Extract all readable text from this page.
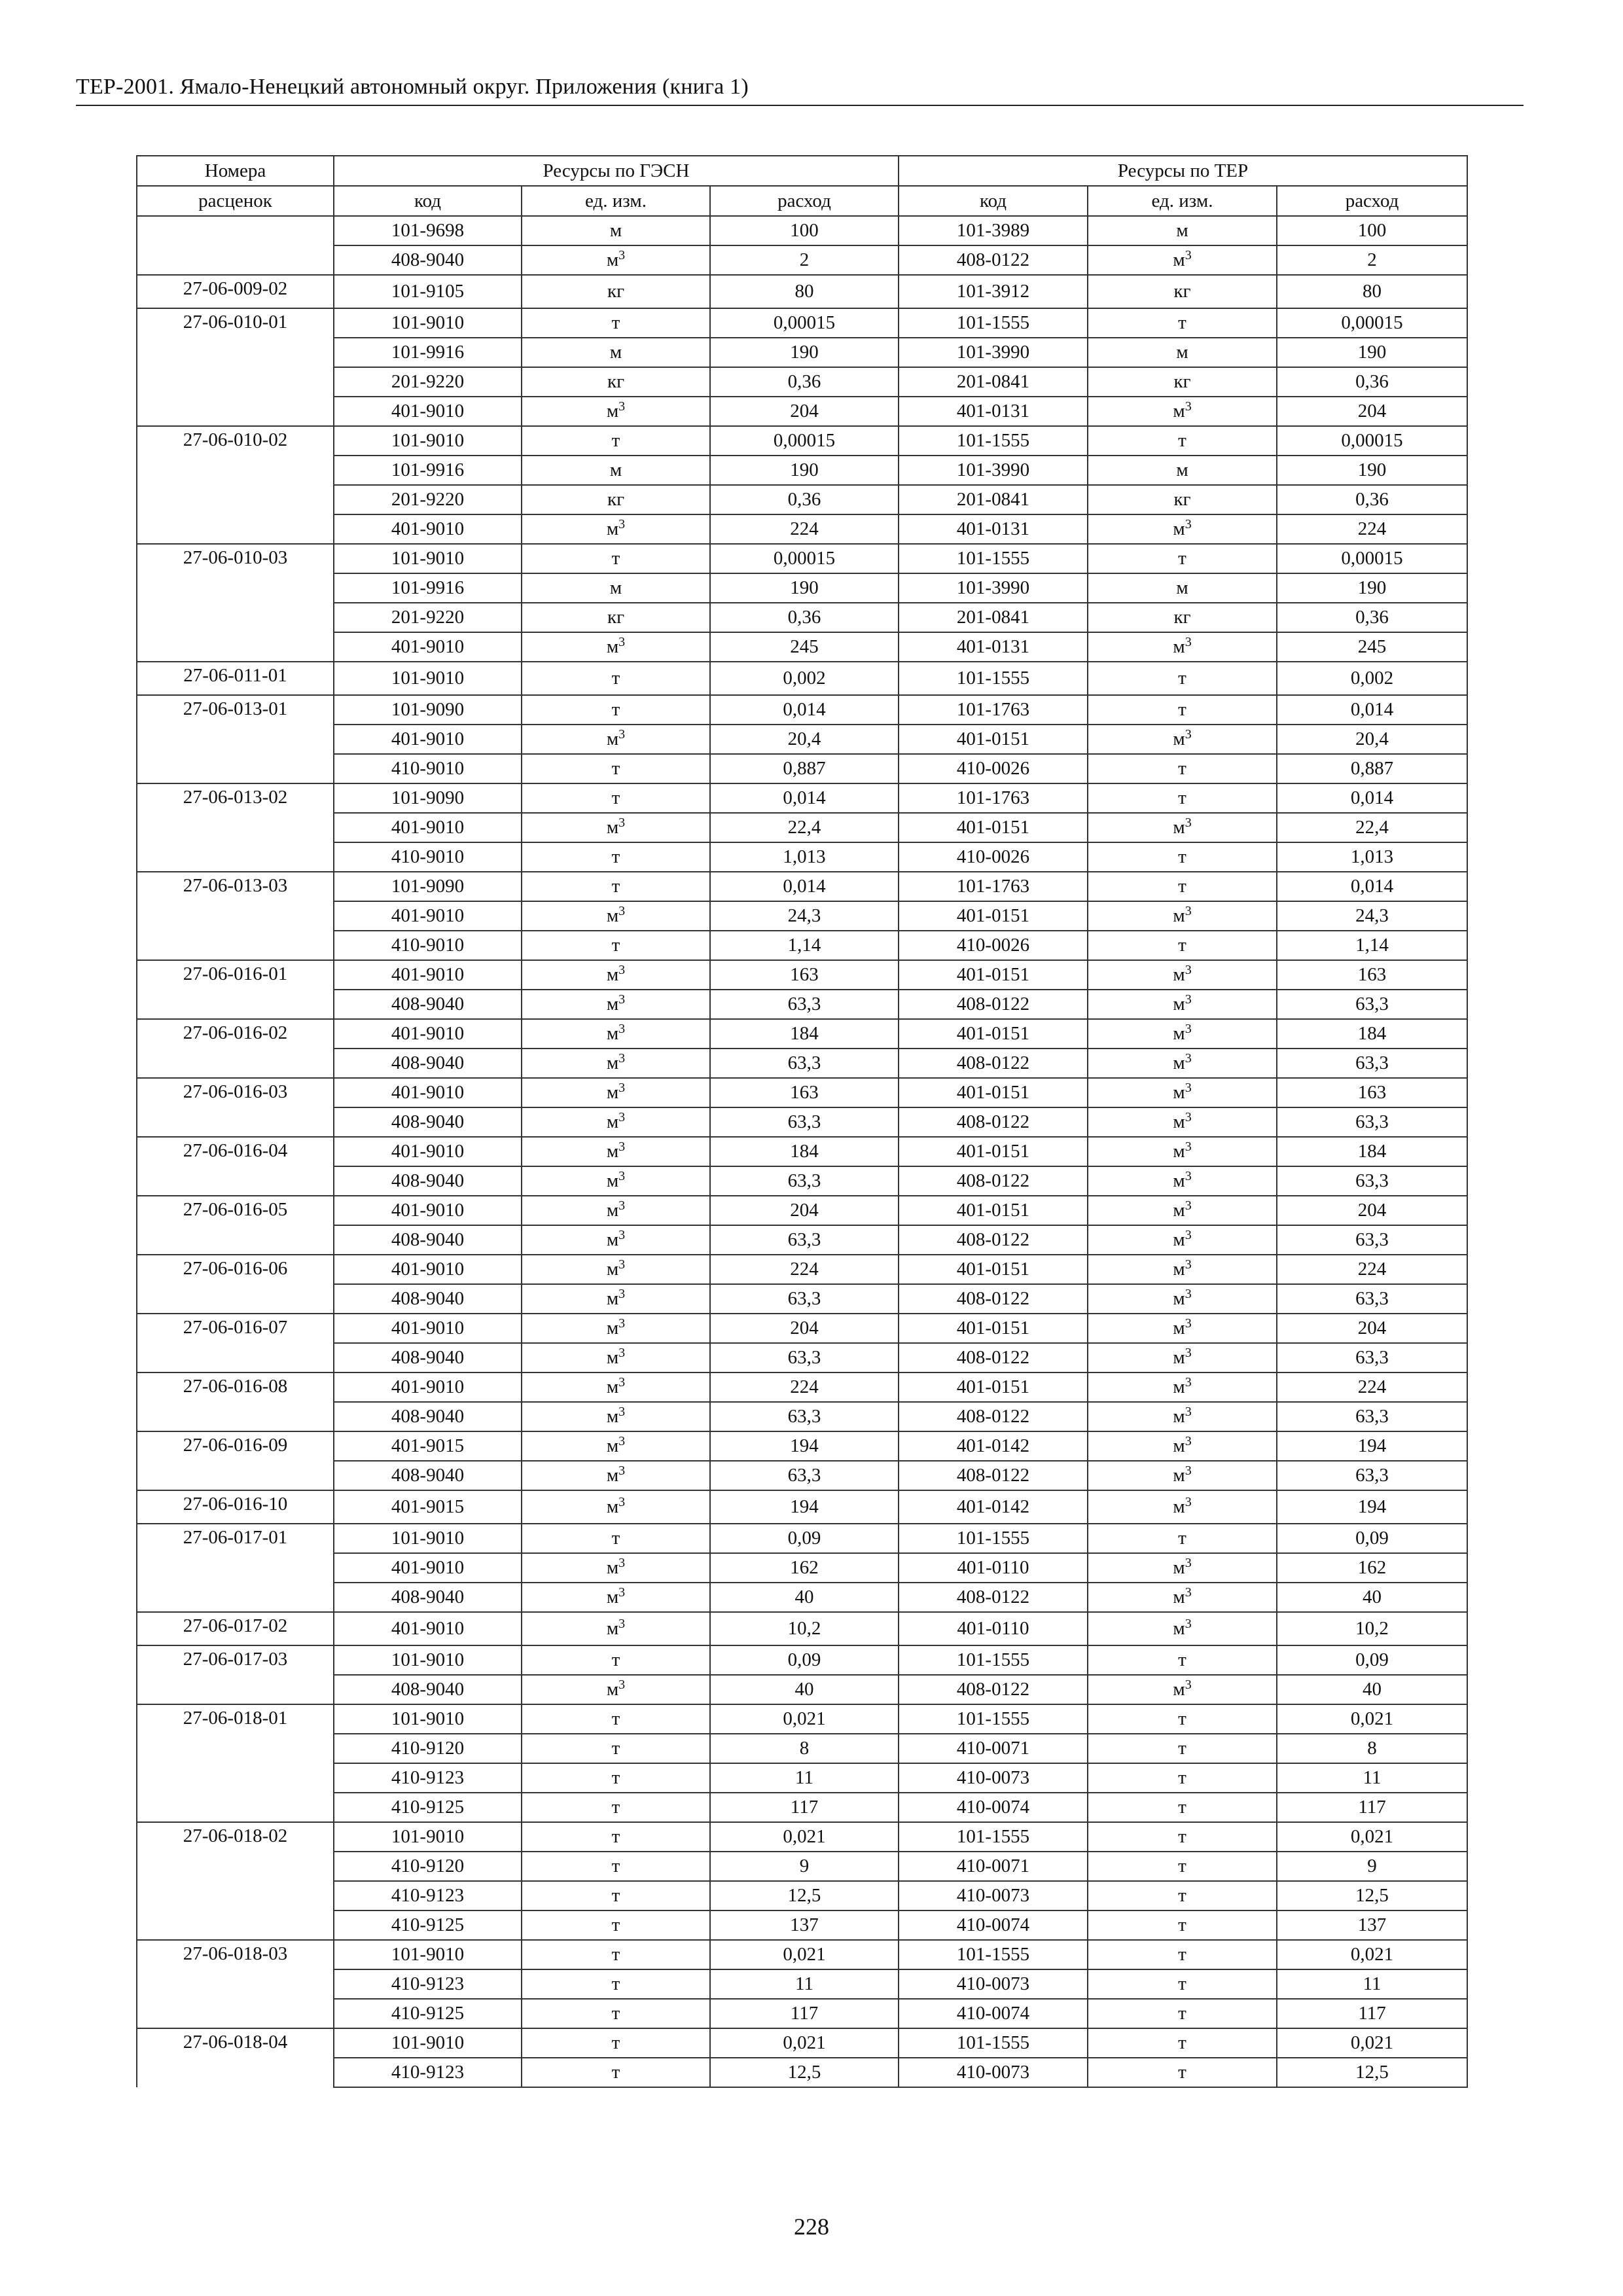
ТЕР-2001. Ямало-Ненецкий автономный округ. Приложения (книга 1)
Номера	Ресурсы по ГЭСН			Ресурсы по ТЕР		
расценок	код	ед. изм.	расход	код	ед. изм.	расход
	101-9698	м	100	101-3989	м	100
	408-9040	$м^3$	2	408-0122	$м^3$	2
27-06-009-02	101-9105	кг	80	101-3912	кг	80
27-06-010-01	101-9010	т	0,00015	101-1555	т	0,00015
	101-9916	м	190	101-3990	м	190
	201-9220	кг	0,36	201-0841	кг	0,36
	401-9010	$м^3$	204	401-0131	$м^3$	204
27-06-010-02	101-9010	т	0,00015	101-1555	т	0,00015
	101-9916	м	190	101-3990	м	190
	201-9220	кг	0,36	201-0841	кг	0,36
	401-9010	$м^3$	224	401-0131	$м^3$	224
27-06-010-03	101-9010	т	0,00015	101-1555	т	0,00015
	101-9916	м	190	101-3990	м	190
	201-9220	кг	0,36	201-0841	кг	0,36
	401-9010	$м^3$	245	401-0131	$м^3$	245
27-06-011-01	101-9010	т	0,002	101-1555	т	0,002
27-06-013-01	101-9090	т	0,014	101-1763	т	0,014
	401-9010	$м^3$	20,4	401-0151	$м^3$	20,4
	410-9010	т	0,887	410-0026	т	0,887
27-06-013-02	101-9090	т	0,014	101-1763	т	0,014
	401-9010	$м^3$	22,4	401-0151	$м^3$	22,4
	410-9010	т	1,013	410-0026	т	1,013
27-06-013-03	101-9090	т	0,014	101-1763	т	0,014
	401-9010	$м^3$	24,3	401-0151	$м^3$	24,3
	410-9010	т	1,14	410-0026	т	1,14
27-06-016-01	401-9010	$м^3$	163	401-0151	$м^3$	163
	408-9040	$м^3$	63,3	408-0122	$м^3$	63,3
27-06-016-02	401-9010	$м^3$	184	401-0151	$м^3$	184
	408-9040	$м^3$	63,3	408-0122	$м^3$	63,3
27-06-016-03	401-9010	$м^3$	163	401-0151	$м^3$	163
	408-9040	$м^3$	63,3	408-0122	$м^3$	63,3
27-06-016-04	401-9010	$м^3$	184	401-0151	$м^3$	184
	408-9040	$м^3$	63,3	408-0122	$м^3$	63,3
27-06-016-05	401-9010	$м^3$	204	401-0151	$м^3$	204
	408-9040	$м^3$	63,3	408-0122	$м^3$	63,3
27-06-016-06	401-9010	$м^3$	224	401-0151	$м^3$	224
	408-9040	$м^3$	63,3	408-0122	$м^3$	63,3
27-06-016-07	401-9010	$м^3$	204	401-0151	$м^3$	204
	408-9040	$м^3$	63,3	408-0122	$м^3$	63,3
27-06-016-08	401-9010	$м^3$	224	401-0151	$м^3$	224
	408-9040	$м^3$	63,3	408-0122	$м^3$	63,3
27-06-016-09	401-9015	$м^3$	194	401-0142	$м^3$	194
	408-9040	$м^3$	63,3	408-0122	$м^3$	63,3
27-06-016-10	401-9015	$м^3$	194	401-0142	$м^3$	194
27-06-017-01	101-9010	т	0,09	101-1555	т	0,09
	401-9010	$м^3$	162	401-0110	$м^3$	162
	408-9040	$м^3$	40	408-0122	$м^3$	40
27-06-017-02	401-9010	$м^3$	10,2	401-0110	$м^3$	10,2
27-06-017-03	101-9010	т	0,09	101-1555	т	0,09
	408-9040	$м^3$	40	408-0122	$м^3$	40
27-06-018-01	101-9010	т	0,021	101-1555	т	0,021
	410-9120	т	8	410-0071	т	8
	410-9123	т	11	410-0073	т	11
	410-9125	т	117	410-0074	т	117
27-06-018-02	101-9010	т	0,021	101-1555	т	0,021
	410-9120	т	9	410-0071	т	9
	410-9123	т	12,5	410-0073	т	12,5
	410-9125	т	137	410-0074	т	137
27-06-018-03	101-9010	т	0,021	101-1555	т	0,021
	410-9123	т	11	410-0073	т	11
	410-9125	т	117	410-0074	т	117
27-06-018-04	101-9010	т	0,021	101-1555	т	0,021
	410-9123	т	12,5	410-0073	т	12,5
228
